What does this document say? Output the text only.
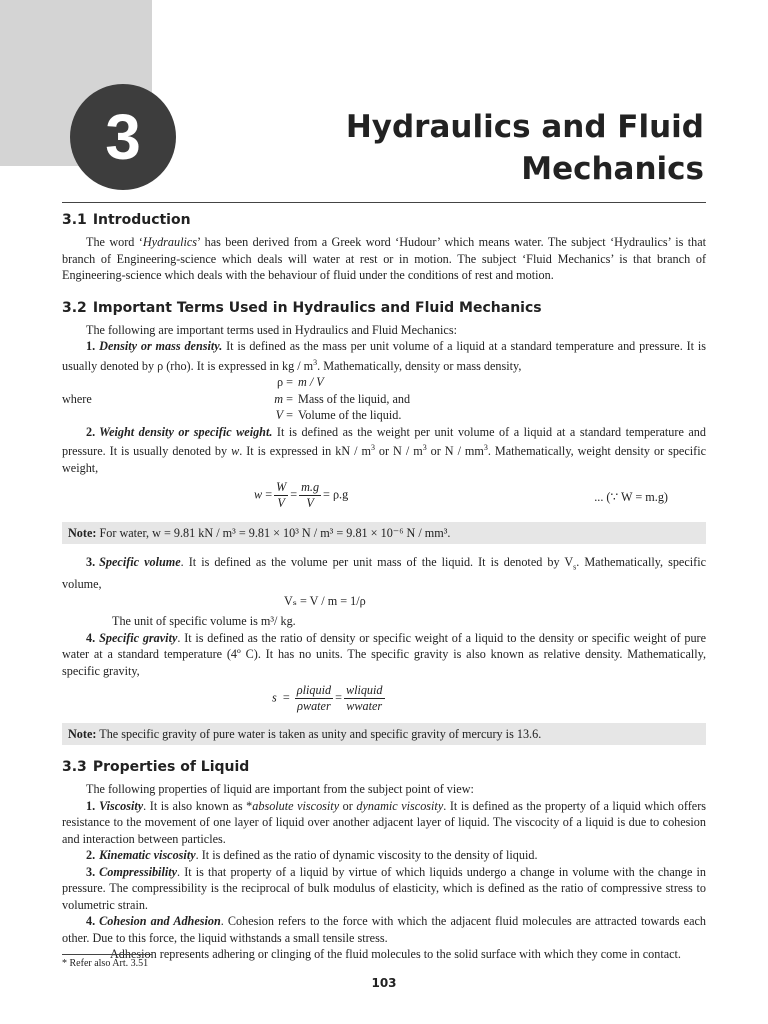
3	Hydraulics and Fluid
Mechanics
3.1 Introduction

The word ‘Hydraulics’ has been derived from a Greek word ‘Hudour’ which means water. The subject ‘Hydraulics’ is that branch of Engineering-science which deals will water at rest or in motion. The subject ‘Fluid Mechanics’ is that branch of Engineering-science which deals with the behaviour of fluid under the conditions of rest and motion.

3.2 Important Terms Used in Hydraulics and Fluid Mechanics

The following are important terms used in Hydraulics and Fluid Mechanics:

1. Density or mass density. It is defined as the mass per unit volume of a liquid at a standard temperature and pressure. It is usually denoted by ρ (rho). It is expressed in kg / $m^3$. Mathematically, density or mass density,

ρ = m / V
where	m = Mass of the liquid, and
V = Volume of the liquid.

2. Weight density or specific weight. It is defined as the weight per unit volume of a liquid at a standard temperature and pressure. It is usually denoted by w. It is expressed in kN / $m^3$ or N / $m^3$ or N / $mm^3$. Mathematically, weight density or specific weight,

$w = \frac{W}{V} = \frac{m.g}{V} = \rho.g$	... (∵ W = m.g)
Note: For water, w = 9.81 kN / m³ = 9.81 × 10³ N / m³ = 9.81 × 10⁻⁶ N / mm³.

3. Specific volume. It is defined as the volume per unit mass of the liquid. It is denoted by $V_s$. Mathematically, specific volume,

Vₛ = V / m = 1/ρ

The unit of specific volume is m³/ kg.

4. Specific gravity. It is defined as the ratio of density or specific weight of a liquid to the density or specific weight of pure water at a standard temperature (4º C). It has no units. The specific gravity is also known as relative density. Mathematically, specific gravity,

$s = \frac{\text{ρliquid}}{\text{ρwater}} = \frac{\text{wliquid}}{\text{wwater}}$
Note: The specific gravity of pure water is taken as unity and specific gravity of mercury is 13.6.
3.3 Properties of Liquid

The following properties of liquid are important from the subject point of view:

1. Viscosity. It is also known as *absolute viscosity or dynamic viscosity. It is defined as the property of a liquid which offers resistance to the movement of one layer of liquid over another adjacent layer of liquid. The viscocity of a liquid is due to cohesion and interaction between particles.

2. Kinematic viscosity. It is defined as the ratio of dynamic viscosity to the density of liquid.

3. Compressibility. It is that property of a liquid by virtue of which liquids undergo a change in volume with the change in pressure. The compressibility is the reciprocal of bulk modulus of elasticity, which is defined as the ratio of compressive stress to volumetric strain.

4. Cohesion and Adhesion. Cohesion refers to the force with which the adjacent fluid molecules are attracted towards each other. Due to this force, the liquid withstands a small tensile stress.

Adhesion represents adhering or clinging of the fluid molecules to the solid surface with which they come in contact.

* Refer also Art. 3.51
103
